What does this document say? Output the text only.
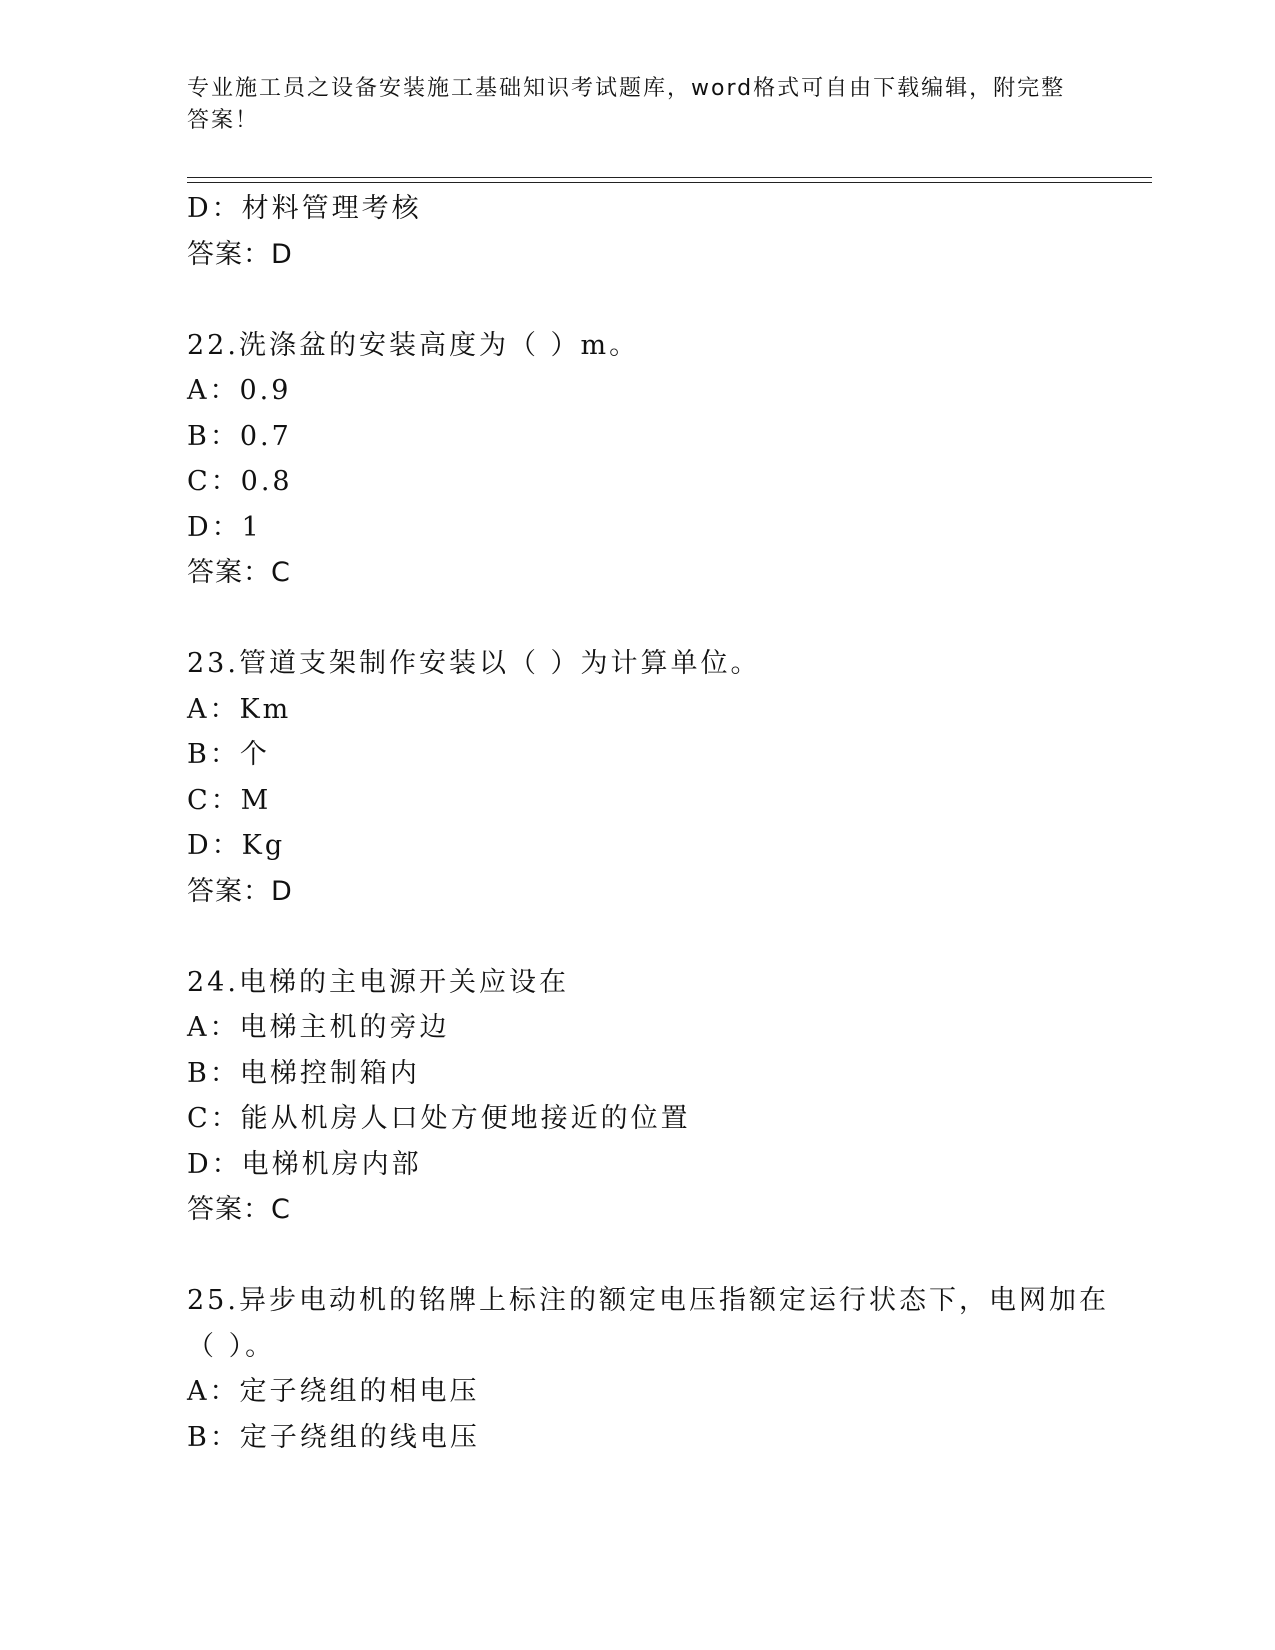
专业施工员之设备安装施工基础知识考试题库，word格式可自由下载编辑，附完整答案！
D：材料管理考核
答案：D
22.洗涤盆的安装高度为（ ）m。
A：0.9
B：0.7
C：0.8
D：1
答案：C
23.管道支架制作安装以（ ）为计算单位。
A：Km
B：个
C：M
D：Kg
答案：D
24.电梯的主电源开关应设在
A：电梯主机的旁边
B：电梯控制箱内
C：能从机房人口处方便地接近的位置
D：电梯机房内部
答案：C
25.异步电动机的铭牌上标注的额定电压指额定运行状态下，电网加在
（ ）。
A：定子绕组的相电压
B：定子绕组的线电压
